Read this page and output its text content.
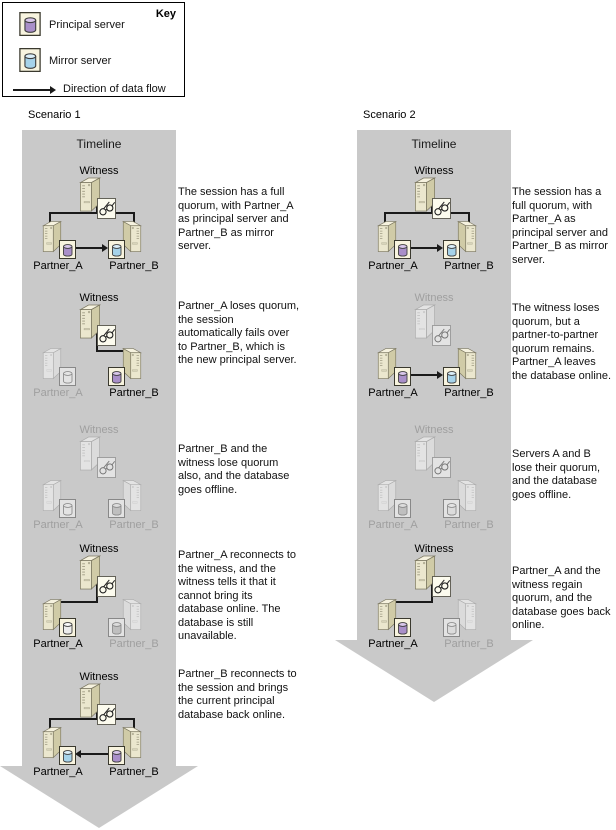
Key
Principal server
Mirror server
Direction of data flow
Scenario 1
Timeline
Scenario 2
Timeline
Witness
Partner_A	Partner_B
The session has a full quorum, with Partner_A as principal server and Partner_B as mirror server.
Witness
Partner_A	Partner_B
Partner_A loses quorum, the session automatically fails over to Partner_B, which is the new principal server.
Witness
Partner_A	Partner_B
Partner_B and the witness lose quorum also, and the database goes offline.
Witness
Partner_A	Partner_B
Partner_A reconnects to the witness, and the witness tells it that it cannot bring its database online. The database is still unavailable.
Witness
Partner_A	Partner_B
Partner_B reconnects to the session and brings the current principal database back online.
Witness
Partner_A	Partner_B
The session has a full quorum, with Partner_A as principal server and Partner_B as mirror server.
Witness
Partner_A	Partner_B
The witness loses quorum, but a partner-to-partner quorum remains. Partner_A leaves the database online.
Witness
Partner_A	Partner_B
Servers A and B lose their quorum, and the database goes offline.
Witness
Partner_A	Partner_B
Partner_A and the witness regain quorum, and the database goes back online.
